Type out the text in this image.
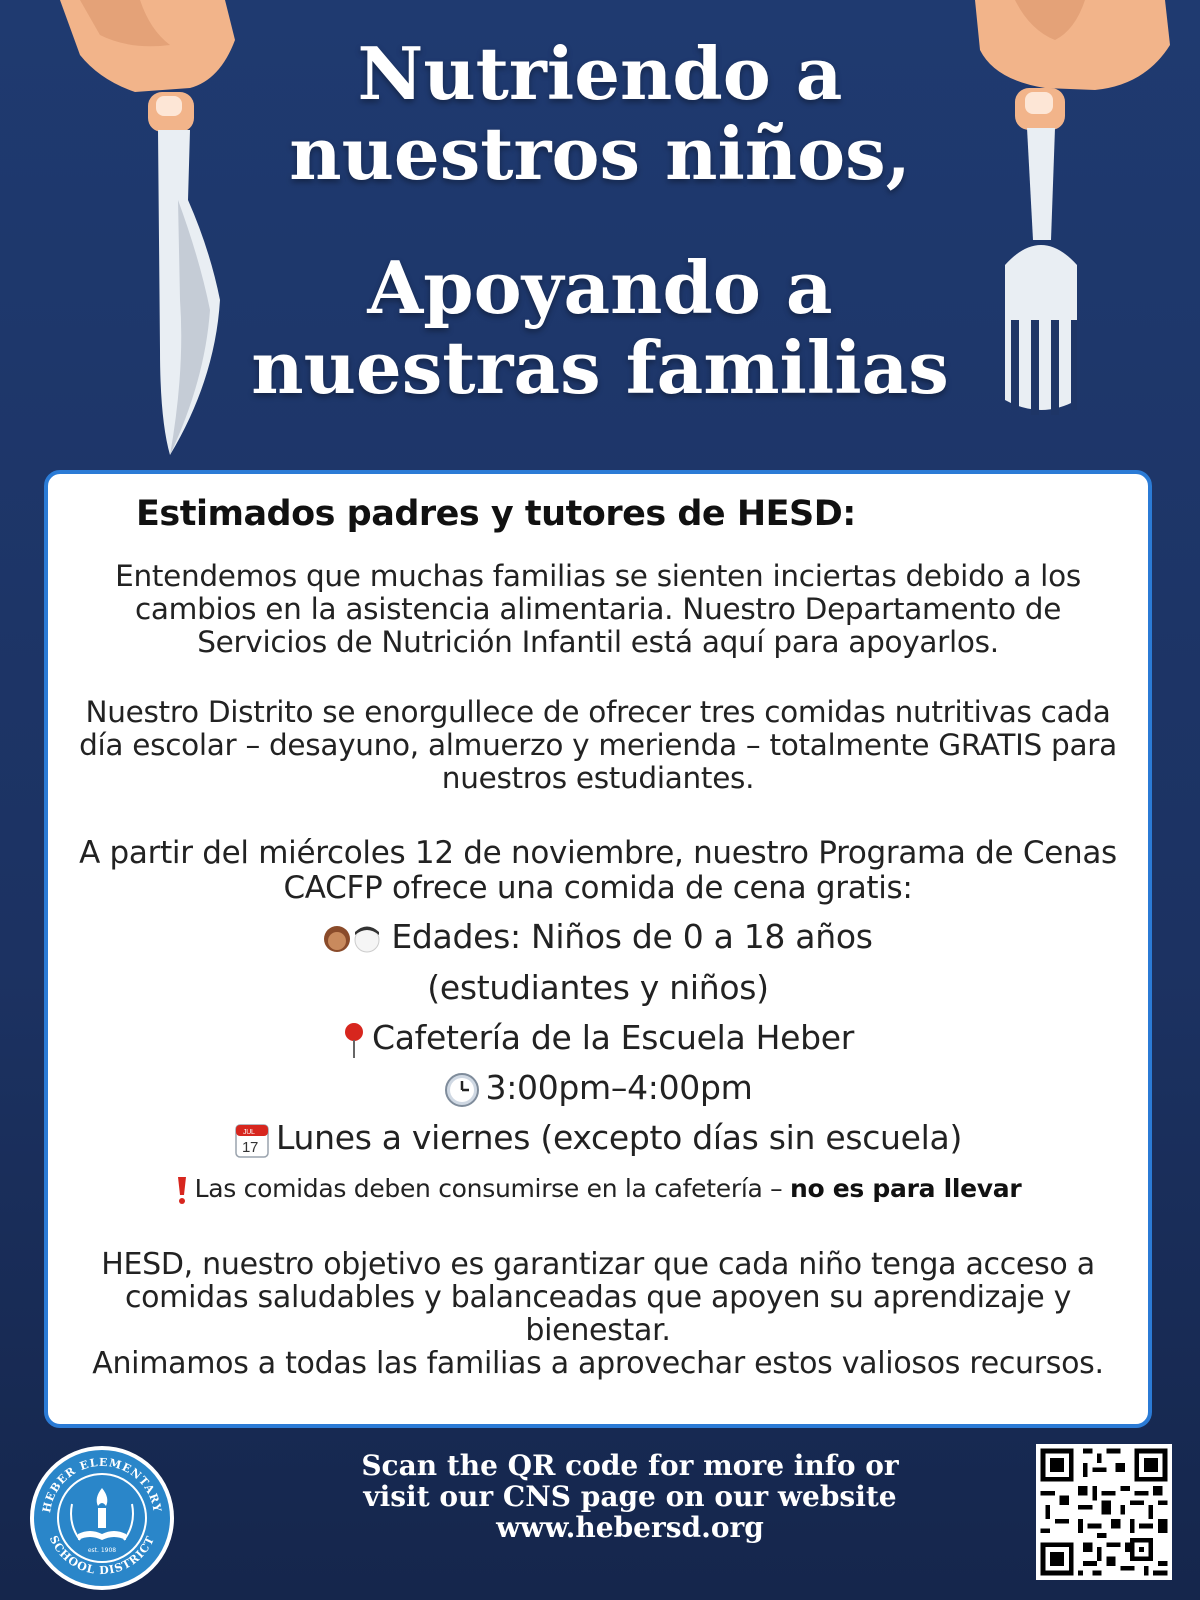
Nutriendo a
nuestros niños,
Apoyando a
nuestras familias
Estimados padres y tutores de HESD:

Entendemos que muchas familias se sienten inciertas debido a los cambios en la asistencia alimentaria. Nuestro Departamento de Servicios de Nutrición Infantil está aquí para apoyarlos.

Nuestro Distrito se enorgullece de ofrecer tres comidas nutritivas cada día escolar – desayuno, almuerzo y merienda – totalmente GRATIS para nuestros estudiantes.

A partir del miércoles 12 de noviembre, nuestro Programa de Cenas CACFP ofrece una comida de cena gratis:

Edades: Niños de 0 a 18 años
(estudiantes y niños)
Cafetería de la Escuela Heber
3:00pm–4:00pm
JUL
17 Lunes a viernes (excepto días sin escuela)
Las comidas deben consumirse en la cafetería – no es para llevar
HESD, nuestro objetivo es garantizar que cada niño tenga acceso a comidas saludables y balanceadas que apoyen su aprendizaje y bienestar.
Animamos a todas las familias a aprovechar estos valiosos recursos.
HEBER ELEMENTARY
SCHOOL DISTRICT
est. 1908
Scan the QR code for more info or
visit our CNS page on our website
www.hebersd.org
